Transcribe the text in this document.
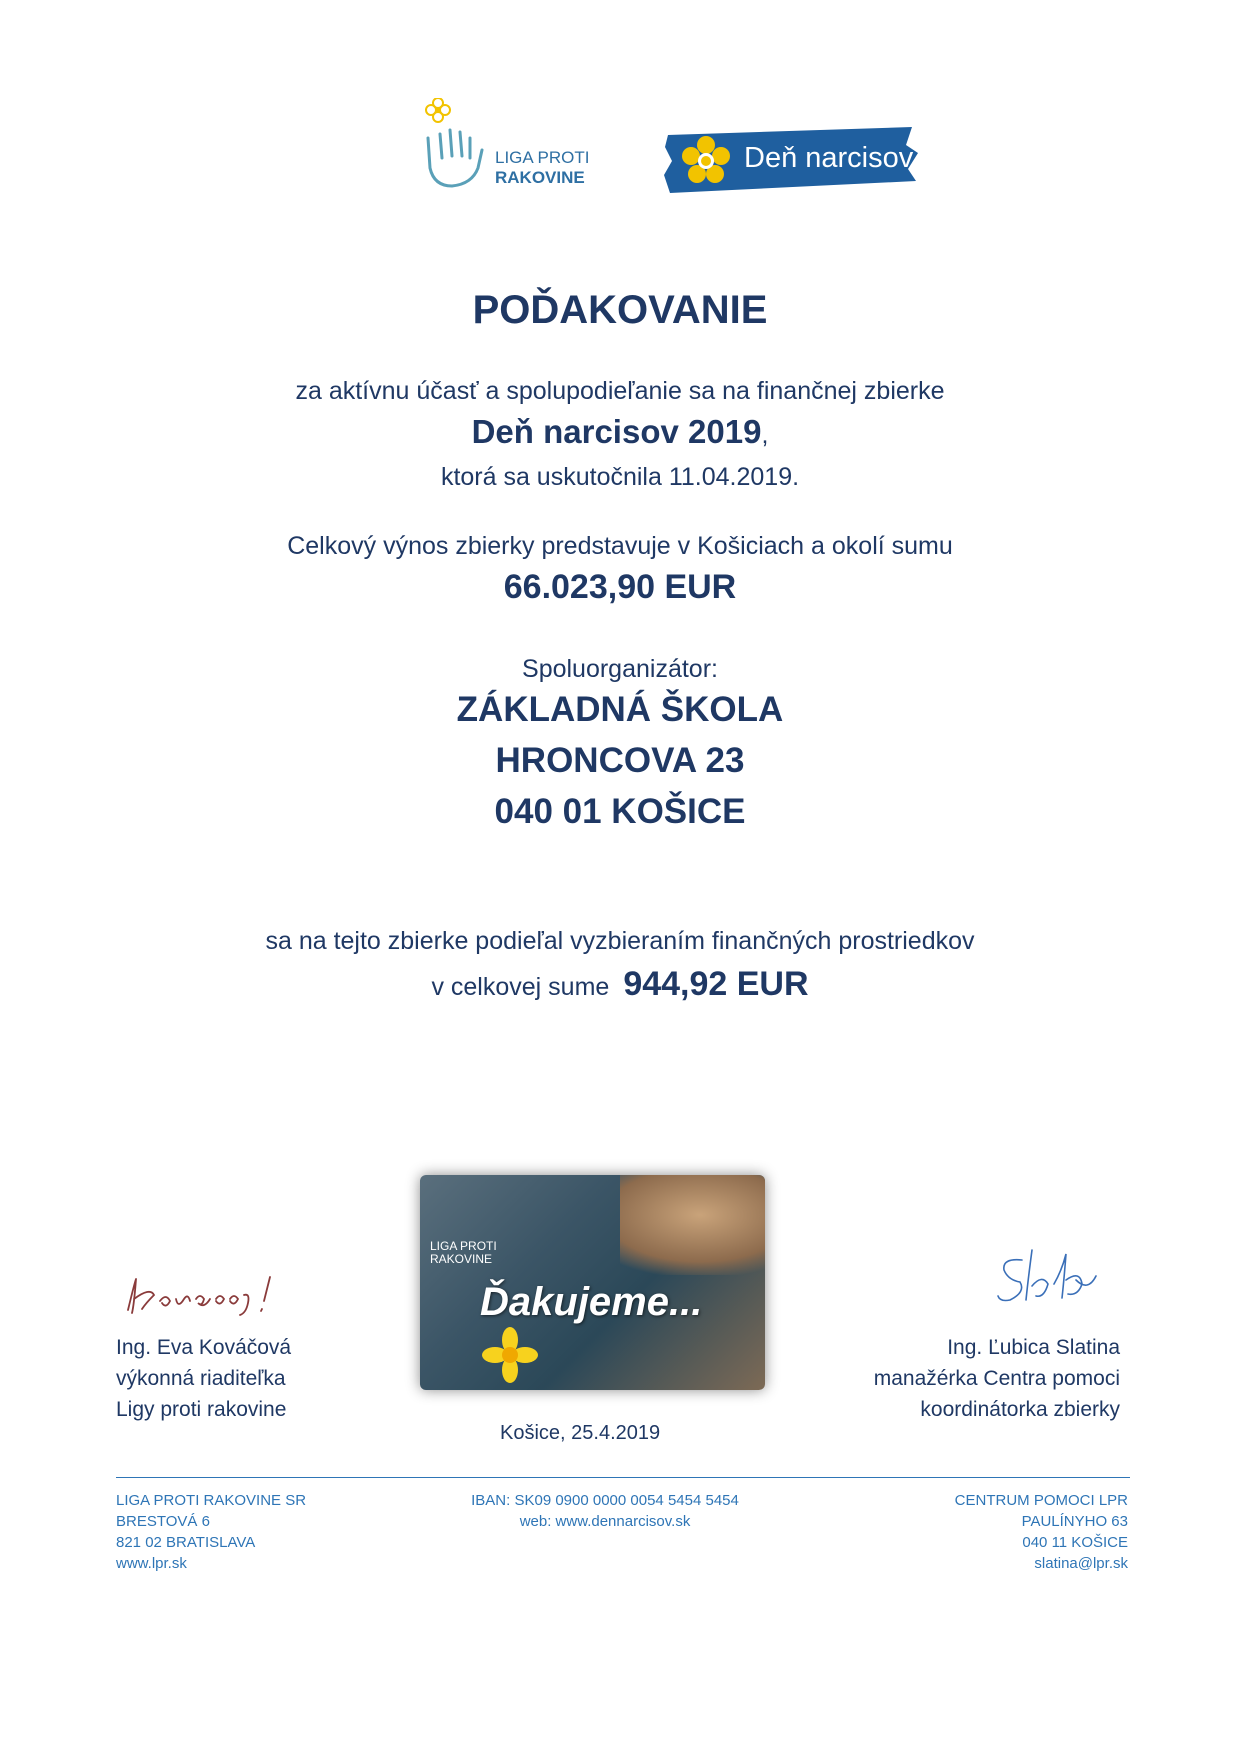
LIGA PROTI
RAKOVINE
Deň narcisov
POĎAKOVANIE
za aktívnu účasť a spolupodieľanie sa na finančnej zbierke
Deň narcisov 2019,
ktorá sa uskutočnila 11.04.2019.
Celkový výnos zbierky predstavuje v Košiciach a okolí sumu
66.023,90 EUR
Spoluorganizátor:
ZÁKLADNÁ ŠKOLA
HRONCOVA 23
040 01 KOŠICE
sa na tejto zbierke podieľal vyzbieraním finančných prostriedkov
v celkovej sume 944,92 EUR
Ing. Eva Kováčová
výkonná riaditeľka
Ligy proti rakovine
Ing. Ľubica Slatina
manažérka Centra pomoci
koordinátorka zbierky
LIGA PROTI
RAKOVINE
Ďakujeme...
Košice, 25.4.2019
LIGA PROTI RAKOVINE SR
BRESTOVÁ 6
821 02 BRATISLAVA
www.lpr.sk
IBAN: SK09 0900 0000 0054 5454 5454
web: www.dennarcisov.sk
CENTRUM POMOCI LPR
PAULÍNYHO 63
040 11 KOŠICE
slatina@lpr.sk
